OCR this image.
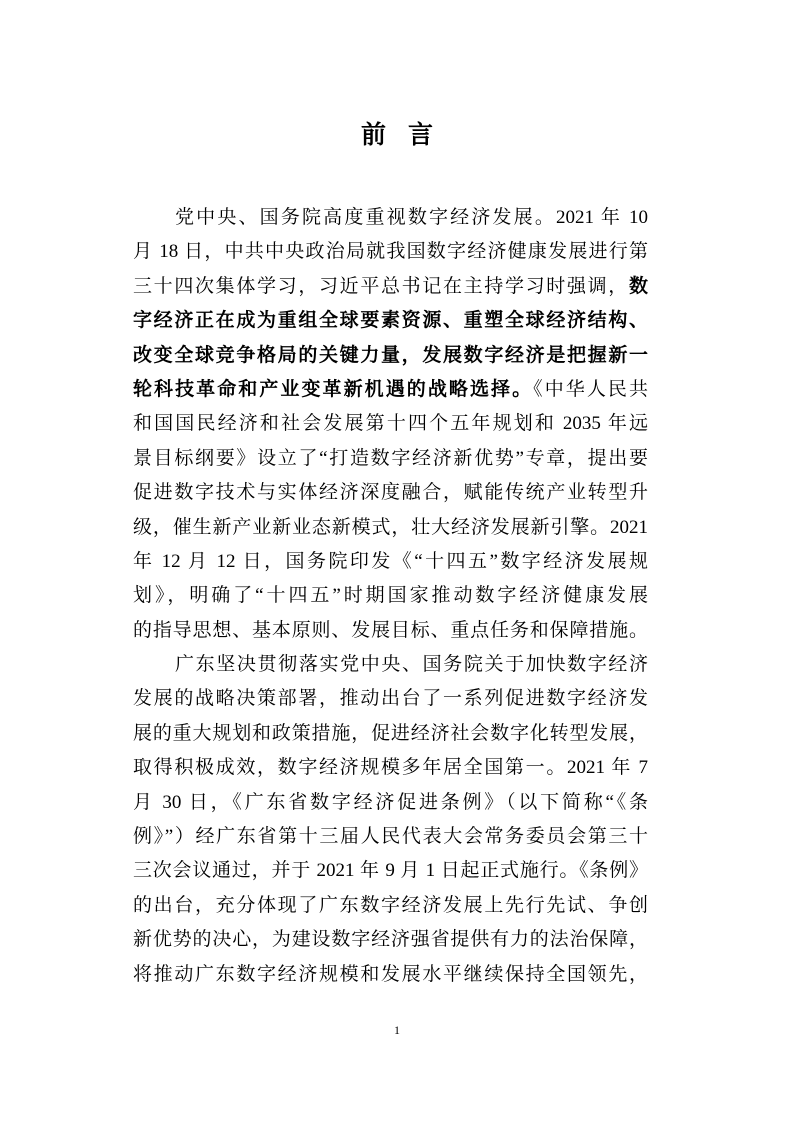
前言
党中央、国务院高度重视数字经济发展。2021 年 10
月 18 日，中共中央政治局就我国数字经济健康发展进行第
三十四次集体学习，习近平总书记在主持学习时强调，数
字经济正在成为重组全球要素资源、重塑全球经济结构、
改变全球竞争格局的关键力量，发展数字经济是把握新一
轮科技革命和产业变革新机遇的战略选择。《中华人民共
和国国民经济和社会发展第十四个五年规划和 2035 年远
景目标纲要》设立了“打造数字经济新优势”专章，提出要
促进数字技术与实体经济深度融合，赋能传统产业转型升
级，催生新产业新业态新模式，壮大经济发展新引擎。2021
年 12 月 12 日，国务院印发《“十四五”数字经济发展规
划》，明确了“十四五”时期国家推动数字经济健康发展
的指导思想、基本原则、发展目标、重点任务和保障措施。
广东坚决贯彻落实党中央、国务院关于加快数字经济
发展的战略决策部署，推动出台了一系列促进数字经济发
展的重大规划和政策措施，促进经济社会数字化转型发展，
取得积极成效，数字经济规模多年居全国第一。2021 年 7
月 30 日，《广东省数字经济促进条例》（以下简称“《条
例》”）经广东省第十三届人民代表大会常务委员会第三十
三次会议通过，并于 2021 年 9 月 1 日起正式施行。《条例》
的出台，充分体现了广东数字经济发展上先行先试、争创
新优势的决心，为建设数字经济强省提供有力的法治保障，
将推动广东数字经济规模和发展水平继续保持全国领先，
1
